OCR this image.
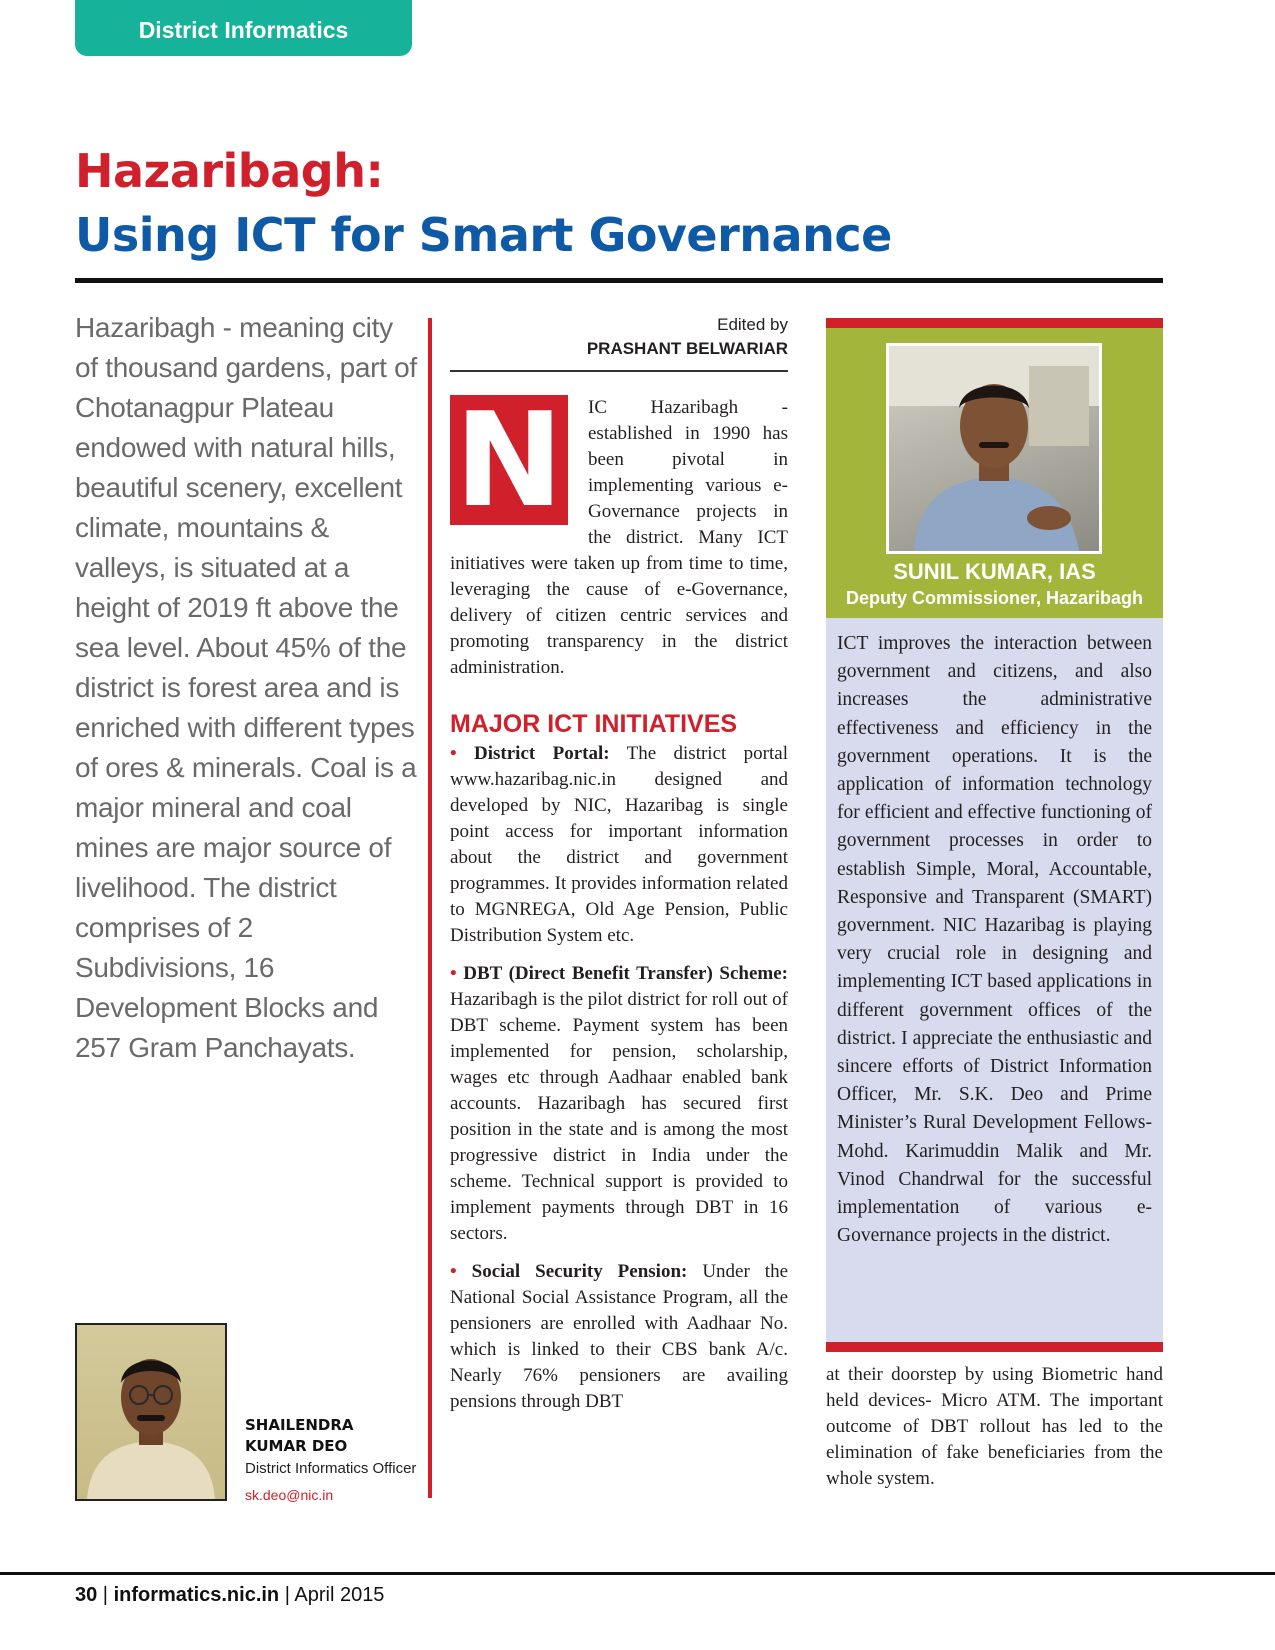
District Informatics
Hazaribagh:
Using ICT for Smart Governance

Hazaribagh - meaning city of thousand gardens, part of Chotanagpur Plateau endowed with natural hills, beautiful scenery, excellent climate, mountains & valleys, is situated at a height of 2019 ft above the sea level. About 45% of the district is forest area and is enriched with different types of ores & minerals. Coal is a major mineral and coal mines are major source of livelihood. The district comprises of 2 Subdivisions, 16 Development Blocks and 257 Gram Panchayats.

Edited by
PRASHANT BELWARIAR

N IC Hazaribagh - established in 1990 has been pivotal in implementing various e-Governance projects in the district. Many ICT initiatives were taken up from time to time, leveraging the cause of e-Governance, delivery of citizen centric services and promoting transparency in the district administration.

MAJOR ICT INITIATIVES

• District Portal: The district portal www.hazaribag.nic.in designed and developed by NIC, Hazaribag is single point access for important information about the district and government programmes. It provides information related to MGNREGA, Old Age Pension, Public Distribution System etc.

• DBT (Direct Benefit Transfer) Scheme: Hazaribagh is the pilot district for roll out of DBT scheme. Payment system has been implemented for pension, scholarship, wages etc through Aadhaar enabled bank accounts. Hazaribagh has secured first position in the state and is among the most progressive district in India under the scheme. Technical support is provided to implement payments through DBT in 16 sectors.

• Social Security Pension: Under the National Social Assistance Program, all the pensioners are enrolled with Aadhaar No. which is linked to their CBS bank A/c. Nearly 76% pensioners are availing pensions through DBT

SUNIL KUMAR, IAS
Deputy Commissioner, Hazaribagh

ICT improves the interaction between government and citizens, and also increases the administrative effectiveness and efficiency in the government operations. It is the application of information technology for efficient and effective functioning of government processes in order to establish Simple, Moral, Accountable, Responsive and Transparent (SMART) government. NIC Hazaribag is playing very crucial role in designing and implementing ICT based applications in different government offices of the district. I appreciate the enthusiastic and sincere efforts of District Information Officer, Mr. S.K. Deo and Prime Minister’s Rural Development Fellows- Mohd. Karimuddin Malik and Mr. Vinod Chandrwal for the successful implementation of various e-Governance projects in the district.

at their doorstep by using Biometric hand held devices- Micro ATM. The important outcome of DBT rollout has led to the elimination of fake beneficiaries from the whole system.

SHAILENDRA
KUMAR DEO
District Informatics Officer
sk.deo@nic.in
30 | informatics.nic.in | April 2015
